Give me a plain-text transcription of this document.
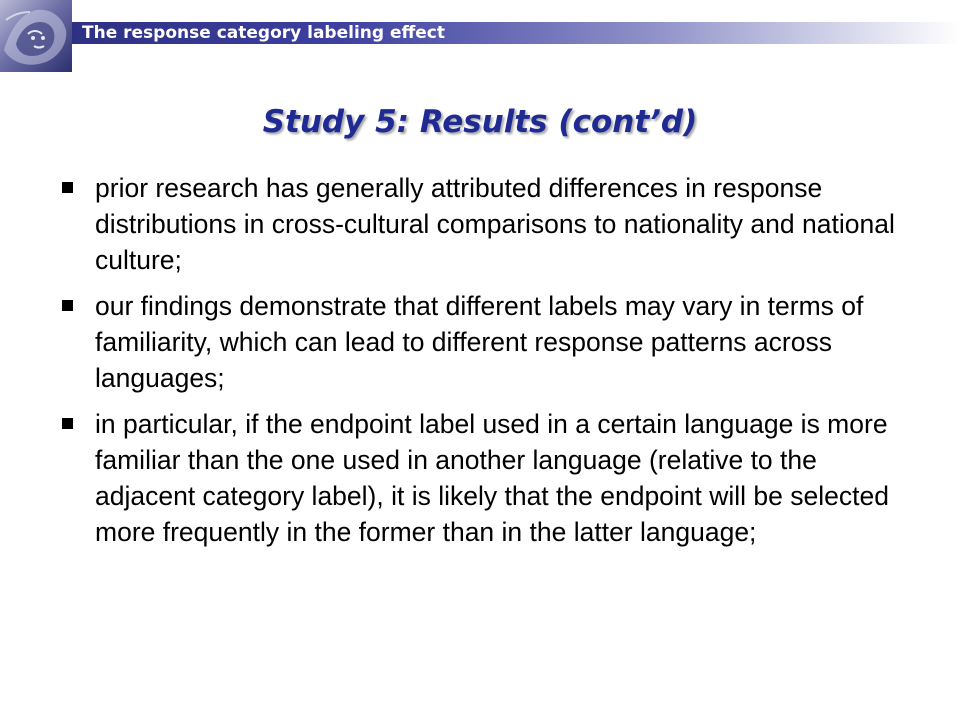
The response category labeling effect
Study 5: Results (cont’d)
prior research has generally attributed differences in response distributions in cross-cultural comparisons to nationality and national culture;
our findings demonstrate that different labels may vary in terms of familiarity, which can lead to different response patterns across languages;
in particular, if the endpoint label used in a certain language is more familiar than the one used in another language (relative to the adjacent category label), it is likely that the endpoint will be selected more frequently in the former than in the latter language;
